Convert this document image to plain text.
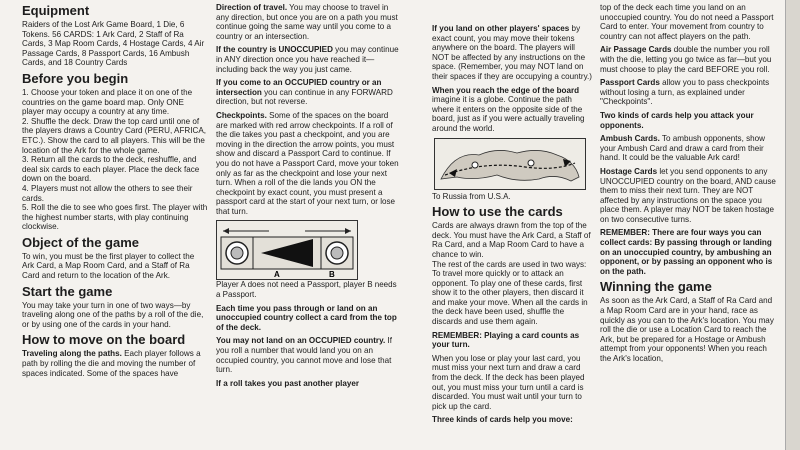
Equipment

Raiders of the Lost Ark Game Board, 1 Die, 6 Tokens. 56 CARDS: 1 Ark Card, 2 Staff of Ra Cards, 3 Map Room Cards, 4 Hostage Cards, 4 Air Passage Cards, 8 Passport Cards, 16 Ambush Cards, and 18 Country Cards

Before you begin

1. Choose your token and place it on one of the countries on the game board map. Only ONE player may occupy a country at any time.

2. Shuffle the deck. Draw the top card until one of the players draws a Country Card (PERU, AFRICA, ETC.). Show the card to all players. This will be the location of the Ark for the whole game.

3. Return all the cards to the deck, reshuffle, and deal six cards to each player. Place the deck face down on the board.

4. Players must not allow the others to see their cards.

5. Roll the die to see who goes first. The player with the highest number starts, with play continuing clockwise.

Object of the game

To win, you must be the first player to collect the Ark Card, a Map Room Card, and a Staff of Ra Card and return to the location of the Ark.

Start the game

You may take your turn in one of two ways—by traveling along one of the paths by a roll of the die, or by using one of the cards in your hand.

How to move on the board

Traveling along the paths. Each player follows a path by rolling the die and moving the number of spaces indicated. Some of the spaces have

Direction of travel. You may choose to travel in any direction, but once you are on a path you must continue going the same way until you come to a country or an intersection.

If the country is UNOCCUPIED you may continue in ANY direction once you have reached it—including back the way you just came.

If you come to an OCCUPIED country or an intersection you can continue in any FORWARD direction, but not reverse.

Checkpoints. Some of the spaces on the board are marked with red arrow checkpoints. If a roll of the die takes you past a checkpoint, and you are moving in the direction the arrow points, you must show and discard a Passport Card to continue. If you do not have a Passport Card, move your token only as far as the checkpoint and lose your next turn. When a roll of the die lands you ON the checkpoint by exact count, you must present a passport card at the start of your next turn, or lose that turn.

A	B

Player A does not need a Passport, player B needs a Passport.

Each time you pass through or land on an unoccupied country collect a card from the top of the deck.

You may not land on an OCCUPIED country. If you roll a number that would land you on an occupied country, you cannot move and lose that turn.

If a roll takes you past another player

If you land on other players' spaces by exact count, you may move their tokens anywhere on the board. The players will NOT be affected by any instructions on the space. (Remember, you may NOT land on their spaces if they are occupying a country.)

When you reach the edge of the board imagine it is a globe. Continue the path where it enters on the opposite side of the board, just as if you were actually traveling around the world.

To Russia from U.S.A.

How to use the cards

Cards are always drawn from the top of the deck. You must have the Ark Card, a Staff of Ra Card, and a Map Room Card to have a chance to win.

The rest of the cards are used in two ways: To travel more quickly or to attack an opponent. To play one of these cards, first show it to the other players, then discard it and make your move. When all the cards in the deck have been used, shuffle the discards and use them again.

REMEMBER: Playing a card counts as your turn.

When you lose or play your last card, you must miss your next turn and draw a card from the deck. If the deck has been played out, you must miss your turn until a card is discarded. You must wait until your turn to pick up the card.

Three kinds of cards help you move:

top of the deck each time you land on an unoccupied country. You do not need a Passport Card to enter. Your movement from country to country can not affect players on the path.

Air Passage Cards double the number you roll with the die, letting you go twice as far—but you must choose to play the card BEFORE you roll.

Passport Cards allow you to pass checkpoints without losing a turn, as explained under "Checkpoints".

Two kinds of cards help you attack your opponents.

Ambush Cards. To ambush opponents, show your Ambush Card and draw a card from their hand. It could be the valuable Ark card!

Hostage Cards let you send opponents to any UNOCCUPIED country on the board, AND cause them to miss their next turn. They are NOT affected by any instructions on the space you place them. A player may NOT be taken hostage on two consecutive turns.

REMEMBER: There are four ways you can collect cards: By passing through or landing on an unoccupied country, by ambushing an opponent, or by passing an opponent who is on the path.

Winning the game

As soon as the Ark Card, a Staff of Ra Card and a Map Room Card are in your hand, race as quickly as you can to the Ark's location. You may roll the die or use a Location Card to reach the Ark, but be prepared for a Hostage or Ambush attempt from your opponents! When you reach the Ark's location,
